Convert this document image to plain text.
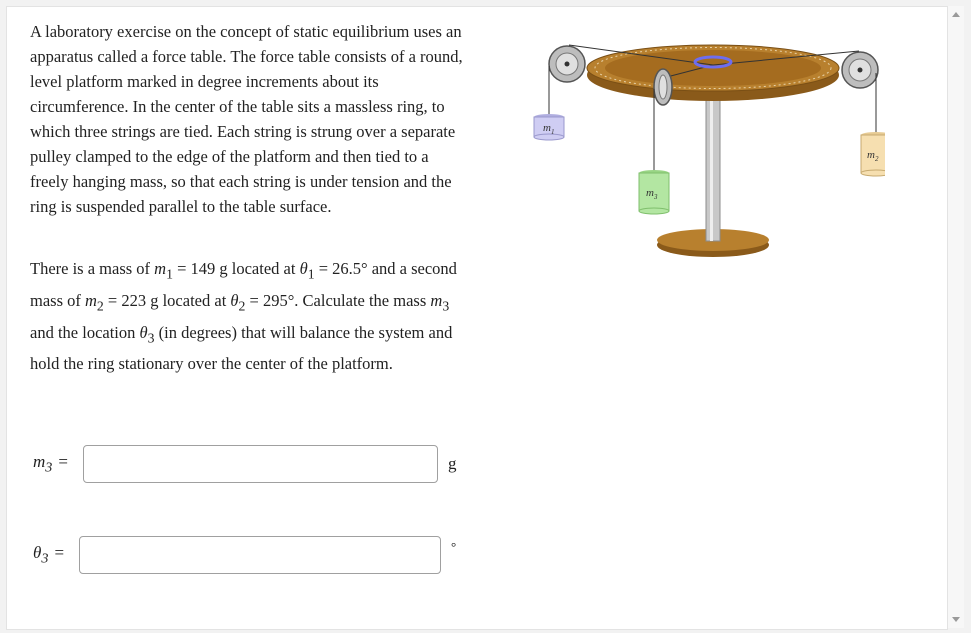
A laboratory exercise on the concept of static equilibrium uses an apparatus called a force table. The force table consists of a round, level platform marked in degree increments about its circumference. In the center of the table sits a massless ring, to which three strings are tied. Each string is strung over a separate pulley clamped to the edge of the platform and then tied to a freely hanging mass, so that each string is under tension and the ring is suspended parallel to the table surface.
There is a mass of $m_1 = 149$ g located at $\theta_1 = 26.5^\circ$ and a second mass of $m_2 = 223$ g located at $\theta_2 = 295^\circ$. Calculate the mass $m_3$ and the location $\theta_3$ (in degrees) that will balance the system and hold the ring stationary over the center of the platform.
$m_1$
$m_2$
$m_3$
$m_3$ =	g
$\theta_3$ =	°
